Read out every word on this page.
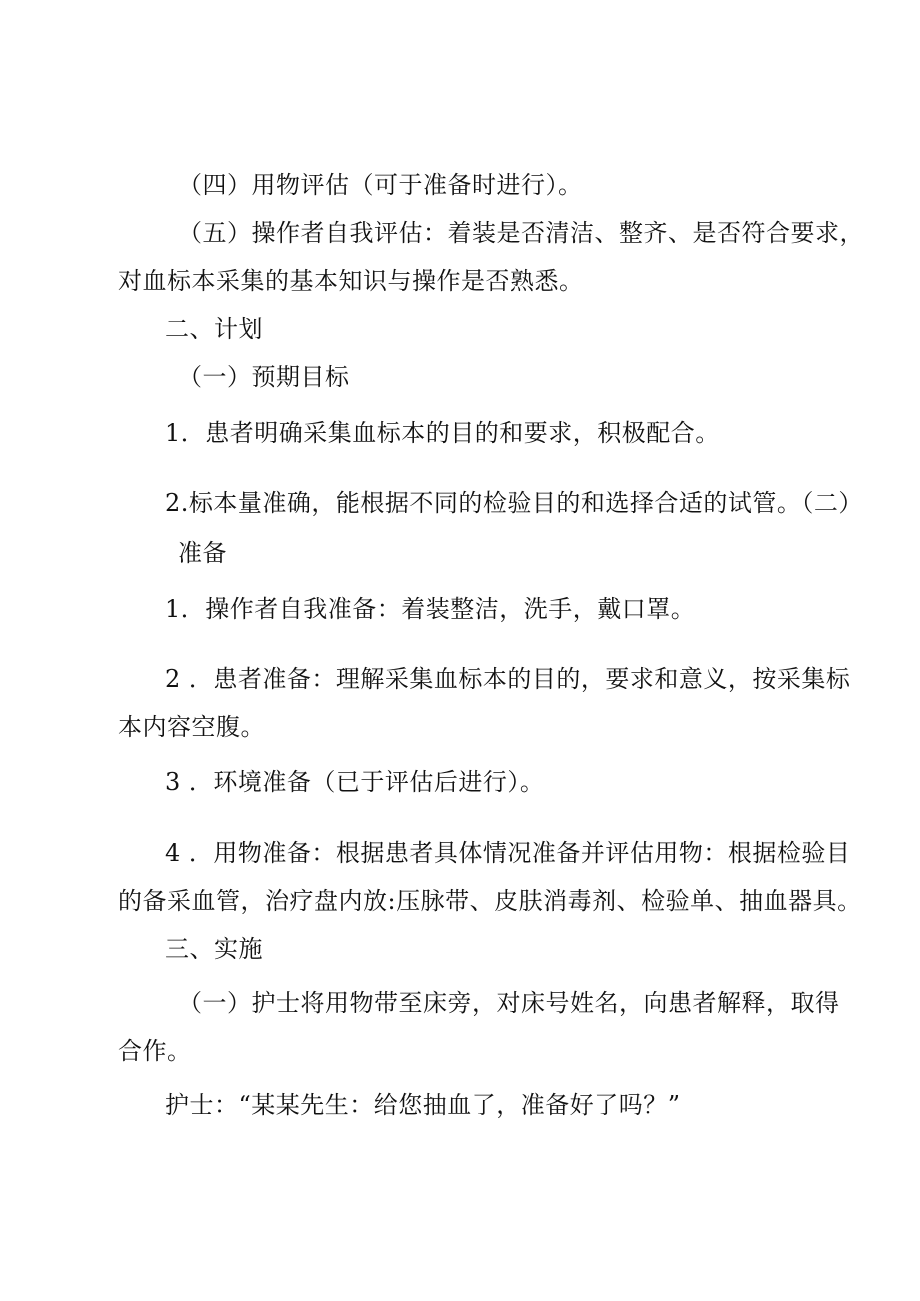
（四）用物评估（可于准备时进行）。
（五）操作者自我评估：着装是否清洁、整齐、是否符合要求，
对血标本采集的基本知识与操作是否熟悉。
二、计划
（一）预期目标
1．患者明确采集血标本的目的和要求，积极配合。
2.标本量准确，能根据不同的检验目的和选择合适的试管。（二）
准备
1．操作者自我准备：着装整洁，洗手，戴口罩。
2 ．患者准备：理解采集血标本的目的，要求和意义，按采集标
本内容空腹。
3 ．环境准备（已于评估后进行）。
4 ．用物准备：根据患者具体情况准备并评估用物：根据检验目
的备采血管，治疗盘内放:压脉带、皮肤消毒剂、检验单、抽血器具。
三、实施
（一）护士将用物带至床旁，对床号姓名，向患者解释，取得
合作。
护士：“某某先生：给您抽血了，准备好了吗？”
